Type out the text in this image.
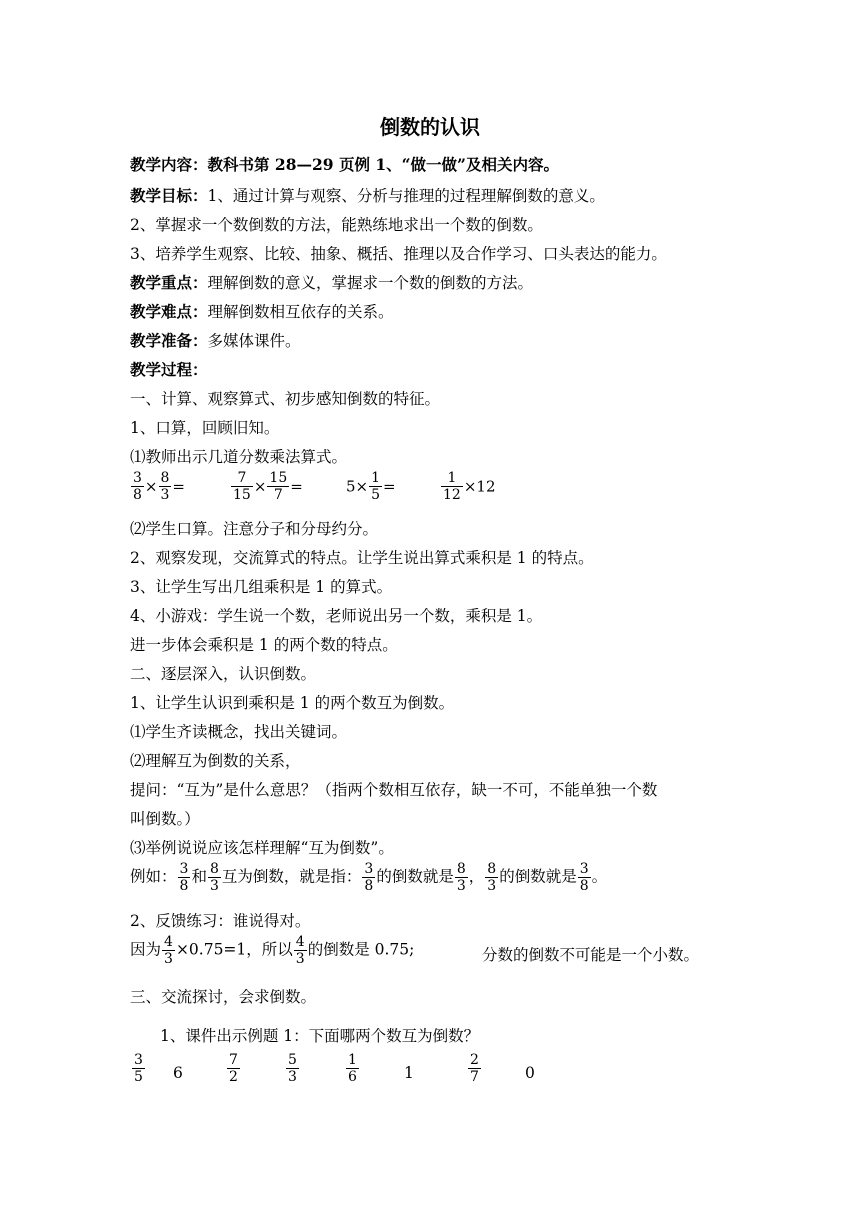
倒数的认识
教学内容：教科书第 28—29 页例 1、“做一做”及相关内容。
教学目标：1、通过计算与观察、分析与推理的过程理解倒数的意义。
2、掌握求一个数倒数的方法，能熟练地求出一个数的倒数。
3、培养学生观察、比较、抽象、概括、推理以及合作学习、口头表达的能力。
教学重点：理解倒数的意义，掌握求一个数的倒数的方法。
教学难点：理解倒数相互依存的关系。
教学准备：多媒体课件。
教学过程：
一、计算、观察算式、初步感知倒数的特征。
1、口算，回顾旧知。
⑴教师出示几道分数乘法算式。
$\frac{3}{8} \times \frac{8}{3}$ =	$\frac{7}{15} \times \frac{15}{7}$ =	$5\times \frac{1}{5}$ =	$\frac{1}{12} \times 12$
⑵学生口算。注意分子和分母约分。
2、观察发现，交流算式的特点。让学生说出算式乘积是 1 的特点。
3、让学生写出几组乘积是 1 的算式。
4、小游戏：学生说一个数，老师说出另一个数，乘积是 1。
进一步体会乘积是 1 的两个数的特点。
二、逐层深入，认识倒数。
1、让学生认识到乘积是 1 的两个数互为倒数。
⑴学生齐读概念，找出关键词。
⑵理解互为倒数的关系，
提问：“互为”是什么意思？（指两个数相互依存，缺一不可，不能单独一个数
叫倒数。）
⑶举例说说应该怎样理解“互为倒数”。
例如： $\frac{3}{8}$ 和 $\frac{8}{3}$ 互为倒数，就是指： $\frac{3}{8}$ 的倒数就是 $\frac{8}{3}$ ， $\frac{8}{3}$ 的倒数就是 $\frac{3}{8}$ 。
2、反馈练习：谁说得对。
因为 $\frac{4}{3} \times 0.75=1$，所以 $\frac{4}{3}$ 的倒数是 0.75;	分数的倒数不可能是一个小数。
三、交流探讨，会求倒数。
1、课件出示例题 1：下面哪两个数互为倒数？
$\frac{3}{5} 6$	$\frac{7}{2}$	$\frac{5}{3}$	$\frac{1}{6}$	1	$\frac{2}{7}$	0
